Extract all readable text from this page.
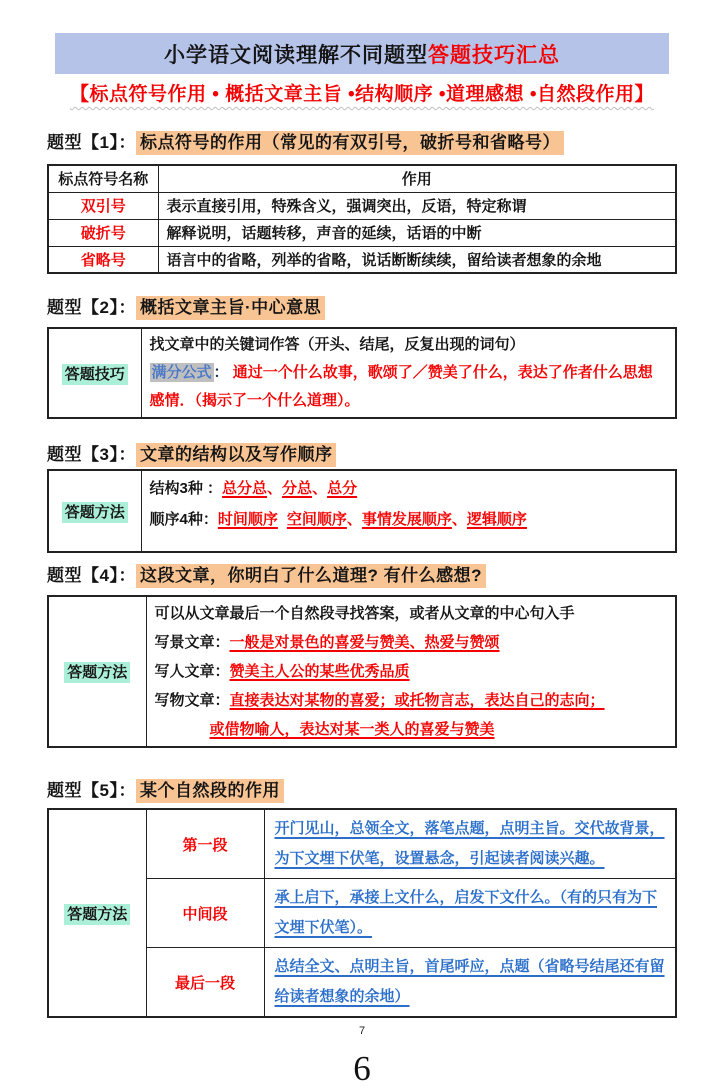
小学语文阅读理解不同题型答题技巧汇总
【标点符号作用 • 概括文章主旨 •结构顺序 •道理感想 •自然段作用】
题型【1】： 标点符号的作用（常见的有双引号，破折号和省略号）
标点符号名称	作用
双引号	表示直接引用，特殊含义，强调突出，反语，特定称谓
破折号	解释说明，话题转移，声音的延续，话语的中断
省略号	语言中的省略，列举的省略，说话断断续续，留给读者想象的余地
题型【2】： 概括文章主旨·中心意思
答题技巧	
找文章中的关键词作答（开头、结尾，反复出现的词句）
满分公式 ： 通过一个什么故事，歌颂了／赞美了什么，表达了作者什么思想感情．（揭示了一个什么道理）。
题型【3】： 文章的结构以及写作顺序
答题方法	
结构3种 ：总分总、分总、总分
顺序4种：时间顺序 空间顺序、事情发展顺序、逻辑顺序
题型【4】： 这段文章，你明白了什么道理? 有什么感想?
答题方法	
可以从文章最后一个自然段寻找答案，或者从文章的中心句入手
写景文章：一般是对景色的喜爱与赞美、热爱与赞颂
写人文章：赞美主人公的某些优秀品质
写物文章：直接表达对某物的喜爱；或托物言志，表达自己的志向；
或借物喻人，表达对某一类人的喜爱与赞美
题型【5】： 某个自然段的作用
答题方法	第一段	开门见山，总领全文，落笔点题，点明主旨。交代故背景，为下文埋下伏笔，设置悬念，引起读者阅读兴趣。
	中间段	承上启下，承接上文什么，启发下文什么。（有的只有为下文埋下伏笔）。
	最后一段	总结全文、点明主旨，首尾呼应，点题（省略号结尾还有留给读者想象的余地）
7
6
